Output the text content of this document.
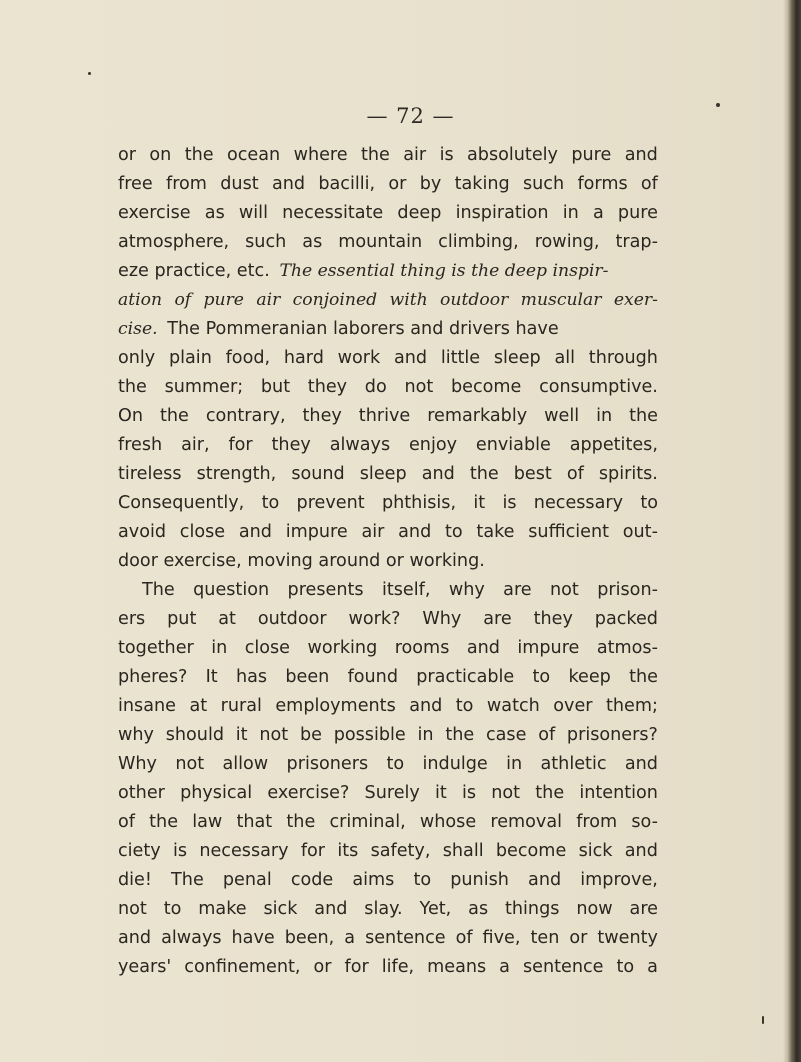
— 72 —
or on the ocean where the air is absolutely pure and
free from dust and bacilli, or by taking such forms of
exercise as will necessitate deep inspiration in a pure
atmosphere, such as mountain climbing, rowing, trap-
eze practice, etc. The essential thing is the deep inspir-
ation of pure air conjoined with outdoor muscular exer-
cise. The Pommeranian laborers and drivers have
only plain food, hard work and little sleep all through
the summer; but they do not become consumptive.
On the contrary, they thrive remarkably well in the
fresh air, for they always enjoy enviable appetites,
tireless strength, sound sleep and the best of spirits.
Consequently, to prevent phthisis, it is necessary to
avoid close and impure air and to take sufficient out-
door exercise, moving around or working.
The question presents itself, why are not prison-
ers put at outdoor work? Why are they packed
together in close working rooms and impure atmos-
pheres? It has been found practicable to keep the
insane at rural employments and to watch over them;
why should it not be possible in the case of prisoners?
Why not allow prisoners to indulge in athletic and
other physical exercise? Surely it is not the intention
of the law that the criminal, whose removal from so-
ciety is necessary for its safety, shall become sick and
die! The penal code aims to punish and improve,
not to make sick and slay. Yet, as things now are
and always have been, a sentence of five, ten or twenty
years' confinement, or for life, means a sentence to a
